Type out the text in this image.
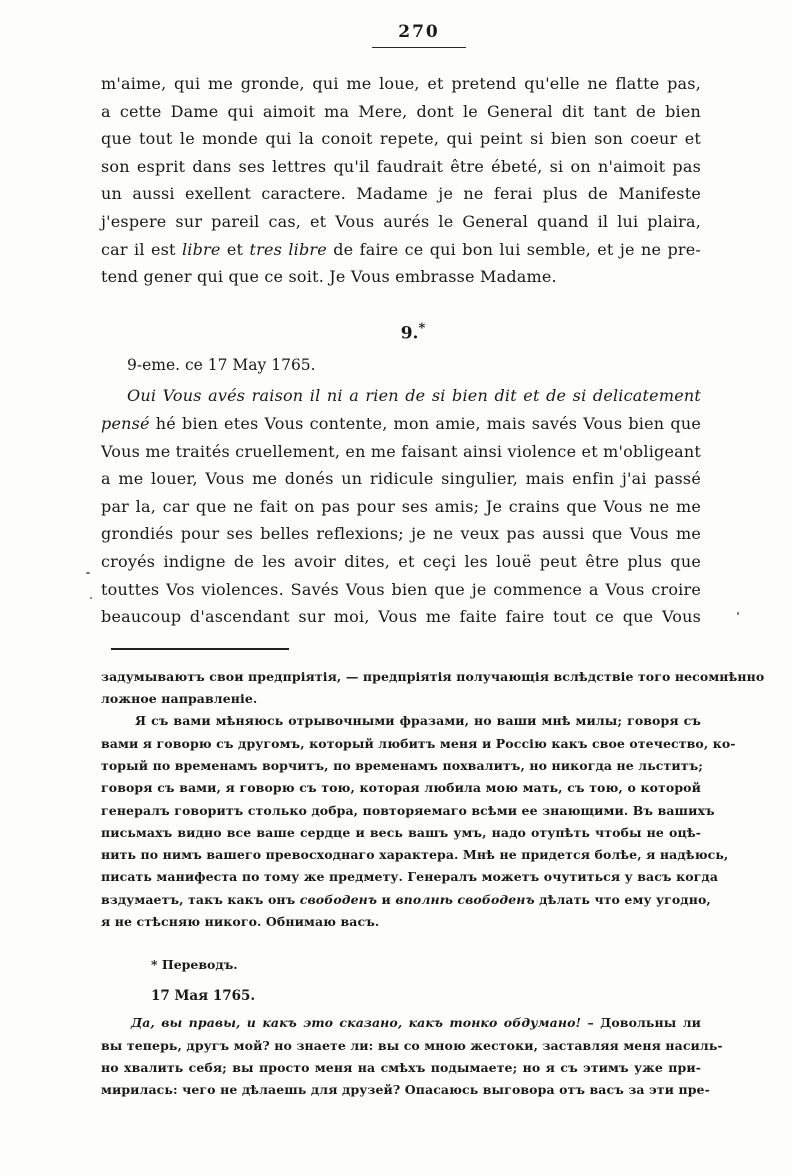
270
m'aime, qui me gronde, qui me loue, et pretend qu'elle ne flatte pas,
a cette Dame qui aimoit ma Mere, dont le General dit tant de bien
que tout le monde qui la conoit repete, qui peint si bien son coeur et
son esprit dans ses lettres qu'il faudrait être ébeté, si on n'aimoit pas
un aussi exellent caractere. Madame je ne ferai plus de Manifeste
j'espere sur pareil cas, et Vous aurés le General quand il lui plaira,
car il est libre et tres libre de faire ce qui bon lui semble, et je ne pre-
tend gener qui que ce soit. Je Vous embrasse Madame.
9.*
9-eme. ce 17 May 1765.
Oui Vous avés raison il ni a rien de si bien dit et de si delicatement
pensé hé bien etes Vous contente, mon amie, mais savés Vous bien que
Vous me traités cruellement, en me faisant ainsi violence et m'obligeant
a me louer, Vous me donés un ridicule singulier, mais enfin j'ai passé
par la, car que ne fait on pas pour ses amis; Je crains que Vous ne me
grondiés pour ses belles reflexions; je ne veux pas aussi que Vous me
croyés indigne de les avoir dites, et ceçi les louë peut être plus que
touttes Vos violences. Savés Vous bien que je commence a Vous croire
beaucoup d'ascendant sur moi, Vous me faite faire tout ce que Vous
задумываютъ свои предпріятія, — предпріятія получающія вслѣдствіе того несомнѣнно
ложное направленіе.
Я съ вами мѣняюсь отрывочными фразами, но ваши мнѣ милы; говоря съ
вами я говорю съ другомъ, который любитъ меня и Россію какъ свое отечество, ко-
торый по временамъ ворчитъ, по временамъ похвалитъ, но никогда не льститъ;
говоря съ вами, я говорю съ тою, которая любила мою мать, съ тою, о которой
генералъ говоритъ столько добра, повторяемаго всѣми ее знающими. Въ вашихъ
письмахъ видно все ваше сердце и весь вашъ умъ, надо отупѣть чтобы не оцѣ-
нить по нимъ вашего превосходнаго характера. Мнѣ не придется болѣе, я надѣюсь,
писать манифеста по тому же предмету. Генералъ можетъ очутиться у васъ когда
вздумаетъ, такъ какъ онъ свободенъ и вполнѣ свободенъ дѣлать что ему угодно,
я не стѣсняю никого. Обнимаю васъ.
* Переводъ.
17 Мая 1765.
Да, вы правы, и какъ это сказано, какъ тонко обдумано! – Довольны ли
вы теперь, другъ мой? но знаете ли: вы со мною жестоки, заставляя меня насиль-
но хвалить себя; вы просто меня на смѣхъ подымаете; но я съ этимъ уже при-
мирилась: чего не дѣлаешь для друзей? Опасаюсь выговора отъ васъ за эти пре-
